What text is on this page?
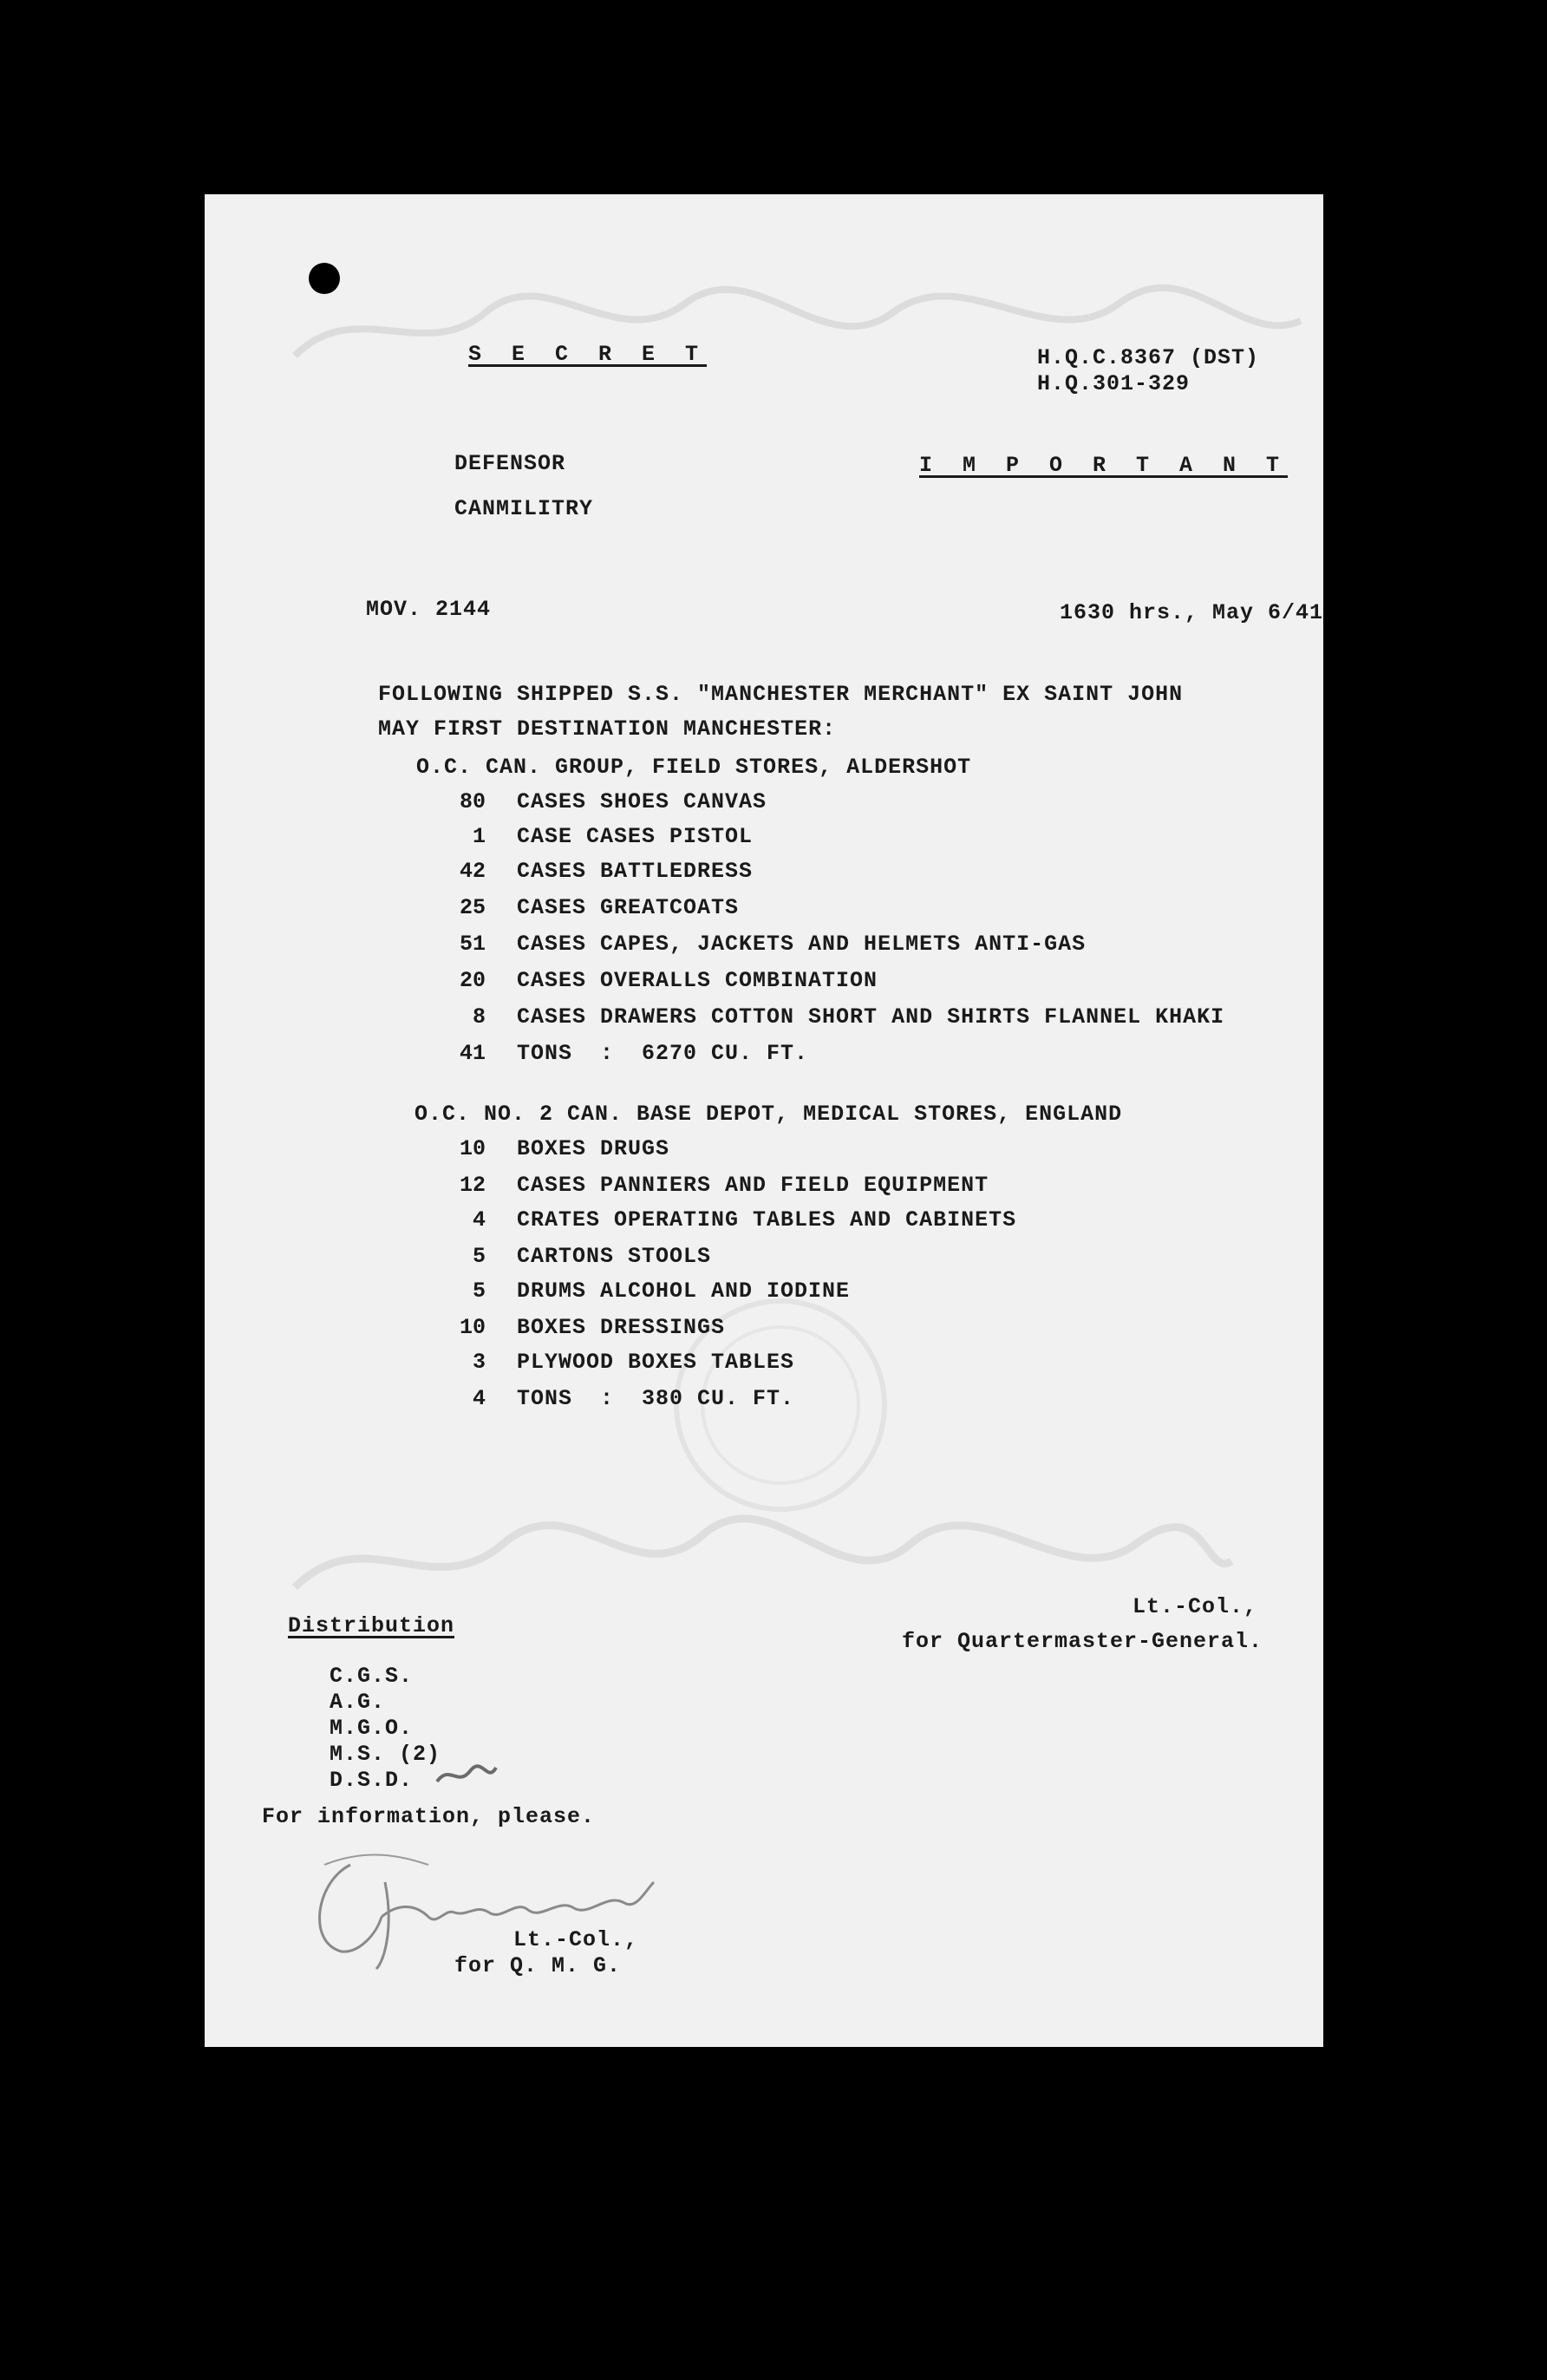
S E C R E T	H.Q.C.8367 (DST)
H.Q.301-329
DEFENSOR
CANMILITRY
I M P O R T A N T
MOV. 2144	1630 hrs., May 6/41
FOLLOWING SHIPPED S.S. "MANCHESTER MERCHANT" EX SAINT JOHN
MAY FIRST DESTINATION MANCHESTER:
O.C. CAN. GROUP, FIELD STORES, ALDERSHOT
80 CASES SHOES CANVAS
1 CASE CASES PISTOL
42 CASES BATTLEDRESS
25 CASES GREATCOATS
51 CASES CAPES, JACKETS AND HELMETS ANTI-GAS
20 CASES OVERALLS COMBINATION
8 CASES DRAWERS COTTON SHORT AND SHIRTS FLANNEL KHAKI
41 TONS  :  6270 CU. FT.
O.C. NO. 2 CAN. BASE DEPOT, MEDICAL STORES, ENGLAND
10 BOXES DRUGS
12 CASES PANNIERS AND FIELD EQUIPMENT
4 CRATES OPERATING TABLES AND CABINETS
5 CARTONS STOOLS
5 DRUMS ALCOHOL AND IODINE
10 BOXES DRESSINGS
3 PLYWOOD BOXES TABLES
4 TONS  :  380 CU. FT.
Lt.-Col.,
for Quartermaster-General.
Distribution
C.G.S.
A.G.
M.G.O.
M.S. (2)
D.S.D.
For information, please.
Lt.-Col.,
for Q. M. G.
